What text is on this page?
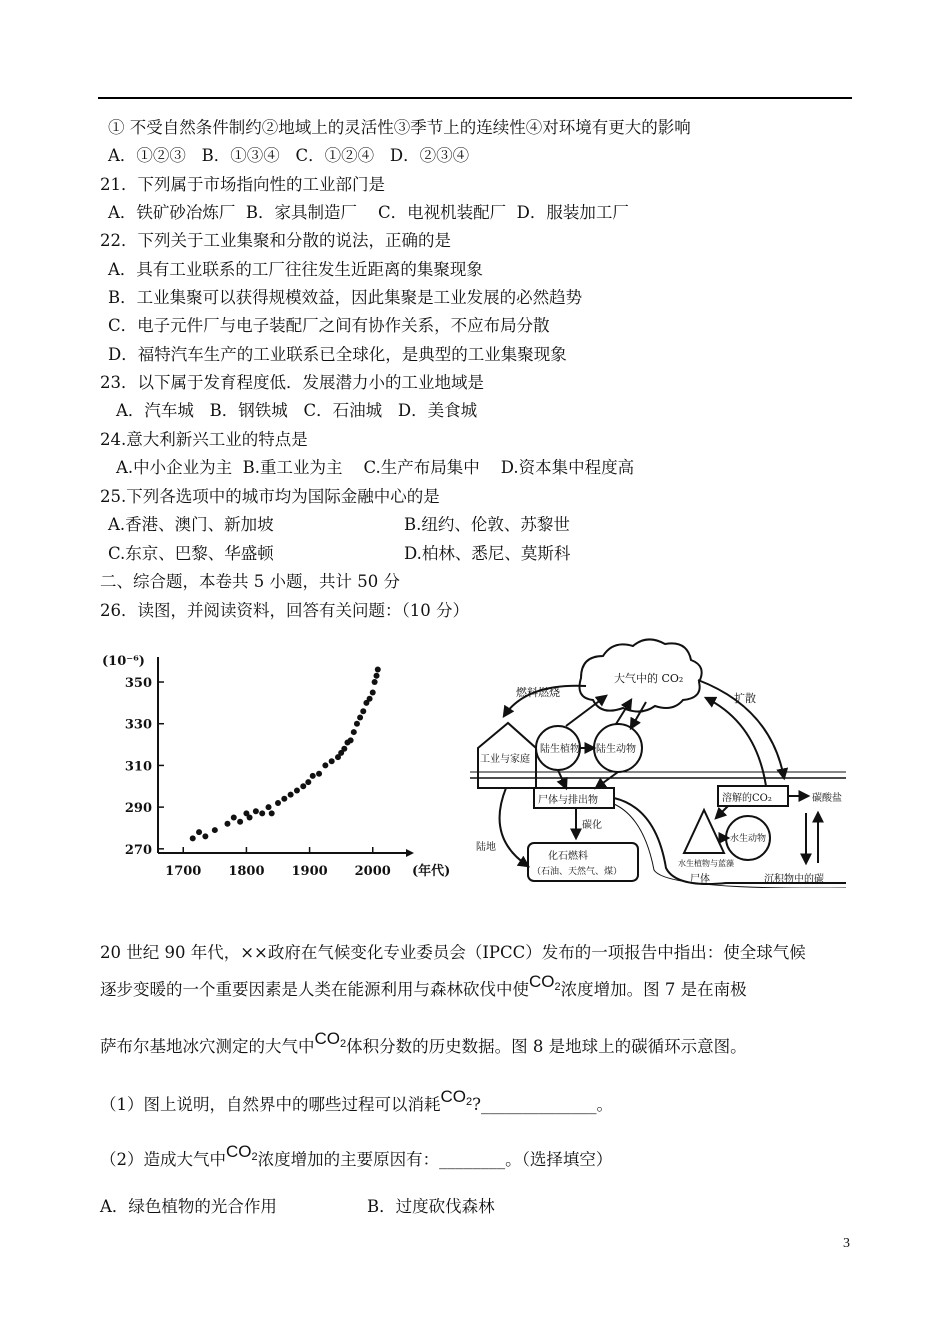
① 不受自然条件制约②地域上的灵活性③季节上的连续性④对环境有更大的影响
A．①②③   B．①③④   C．①②④   D．②③④
21．下列属于市场指向性的工业部门是
A．铁矿砂冶炼厂  B．家具制造厂    C．电视机装配厂  D．服装加工厂
22．下列关于工业集聚和分散的说法，正确的是
A．具有工业联系的工厂往往发生近距离的集聚现象
B．工业集聚可以获得规模效益，因此集聚是工业发展的必然趋势
C．电子元件厂与电子装配厂之间有协作关系，不应布局分散
D．福特汽车生产的工业联系已全球化，是典型的工业集聚现象
23．以下属于发育程度低．发展潜力小的工业地域是
A．汽车城   B．钢铁城   C．石油城   D．美食城
24.意大利新兴工业的特点是
A.中小企业为主  B.重工业为主    C.生产布局集中    D.资本集中程度高
25.下列各选项中的城市均为国际金融中心的是
A.香港、澳门、新加坡	B.纽约、伦敦、苏黎世
C.东京、巴黎、华盛顿	D.柏林、悉尼、莫斯科
二、综合题，本卷共 5 小题，共计 50 分
26．读图，并阅读资料，回答有关问题：（10 分）
(10⁻⁶)
270
290
310
330
350
1700 1800 1900 2000 (年代)
大气中的 CO₂
燃料燃烧	扩散
工业与家庭
陆生植物 陆生动物
尸体与排出物	溶解的CO₂	碳酸盐
碳化
陆地
化石燃料
（石油、天然气、煤）
水生植物与蓝藻
水生动物
尸体	沉积物中的碳
20 世纪 90 年代，××政府在气候变化专业委员会（IPCC）发布的一项报告中指出：使全球气候
逐步变暖的一个重要因素是人类在能源利用与森林砍伐中使$CO_2$浓度增加。图 7 是在南极
萨布尔基地冰穴测定的大气中$CO_2$体积分数的历史数据。图 8 是地球上的碳循环示意图。
（1）图上说明，自然界中的哪些过程可以消耗$CO_2?\_\_\_\_\_\_\_\_\_\_\_\_\_\_$。
（2）造成大气中$CO_2$浓度增加的主要原因有：________。（选择填空）
A．绿色植物的光合作用	B．过度砍伐森林
3
